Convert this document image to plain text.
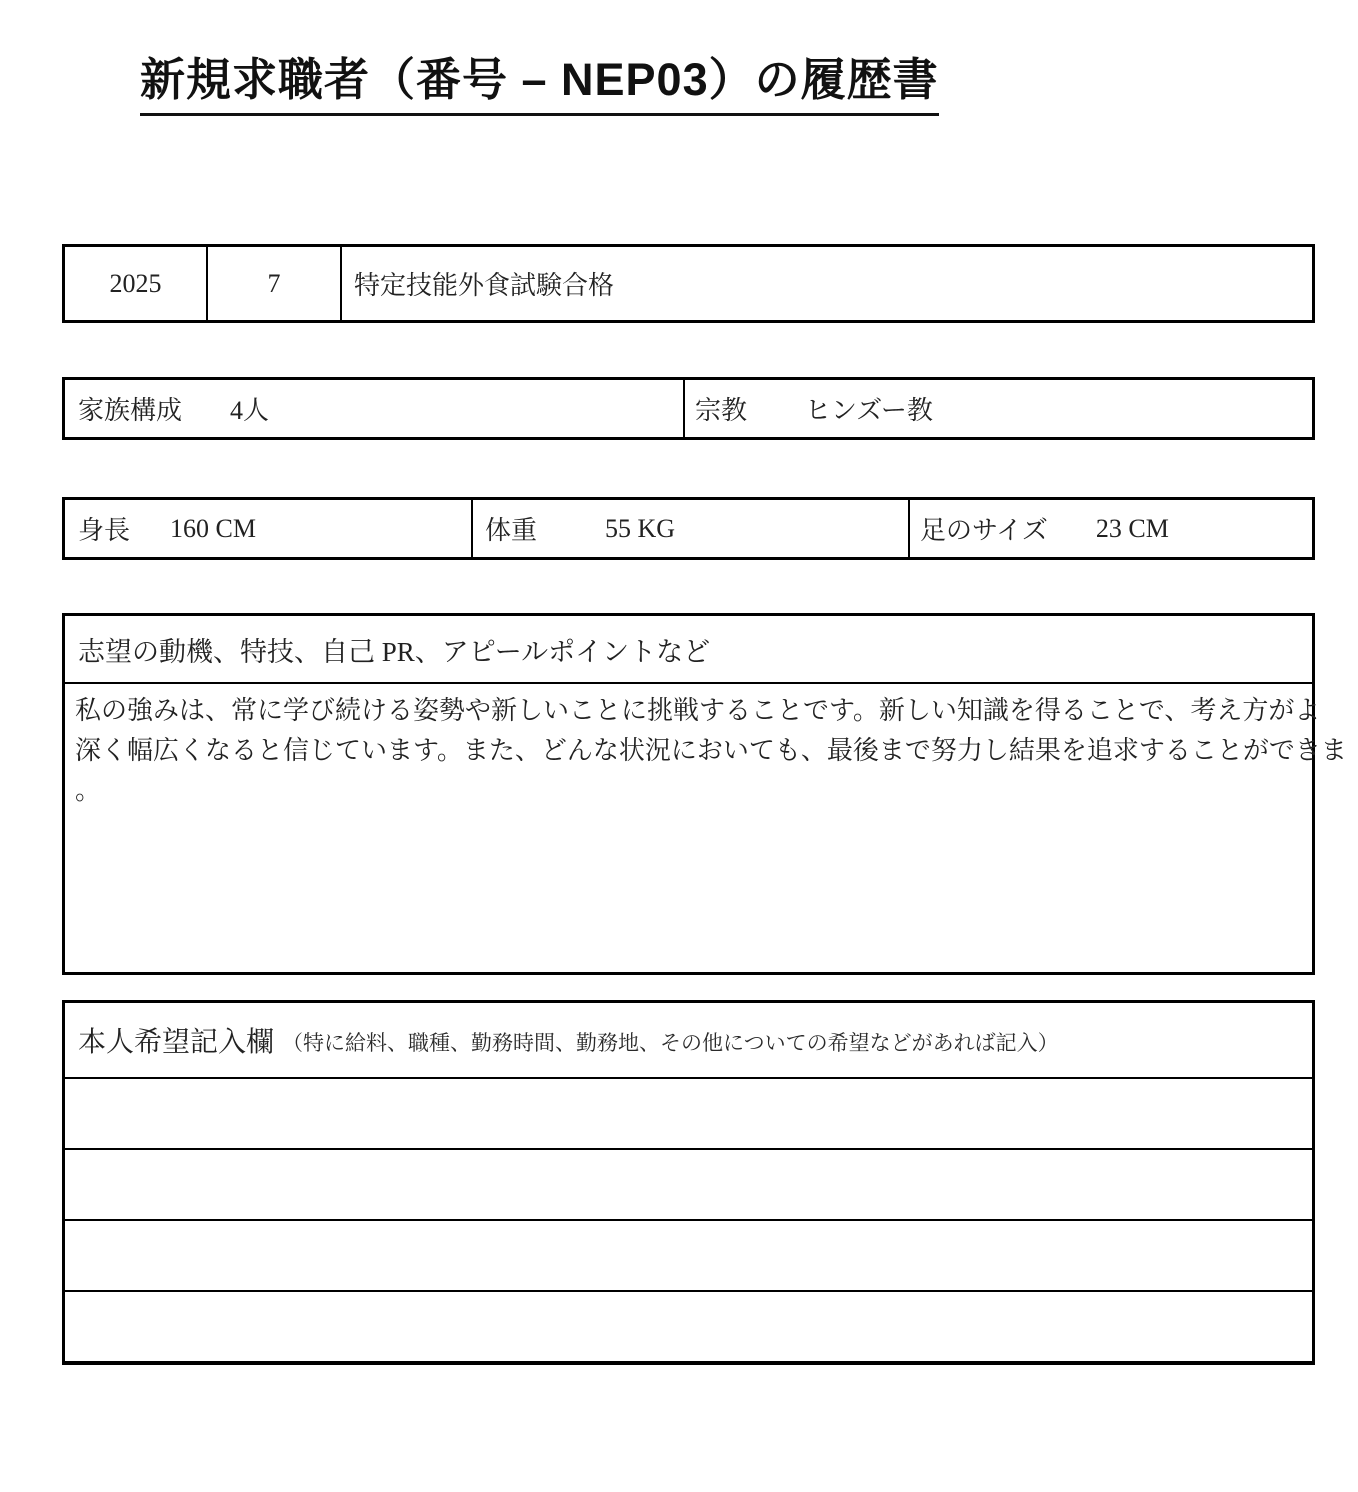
新規求職者（番号 – NEP03）の履歴書
2025	7	特定技能外食試験合格
家族構成 4人	宗教 ヒンズー教
身長 160 CM	体重	55 KG	足のサイズ 23 CM
志望の動機、特技、自己 PR、アピールポイントなど
私の強みは、常に学び続ける姿勢や新しいことに挑戦することです。新しい知識を得ることで、考え方がよ
深く幅広くなると信じています。また、どんな状況においても、最後まで努力し結果を追求することができま
。
本人希望記入欄 （特に給料、職種、勤務時間、勤務地、その他についての希望などがあれば記入）
